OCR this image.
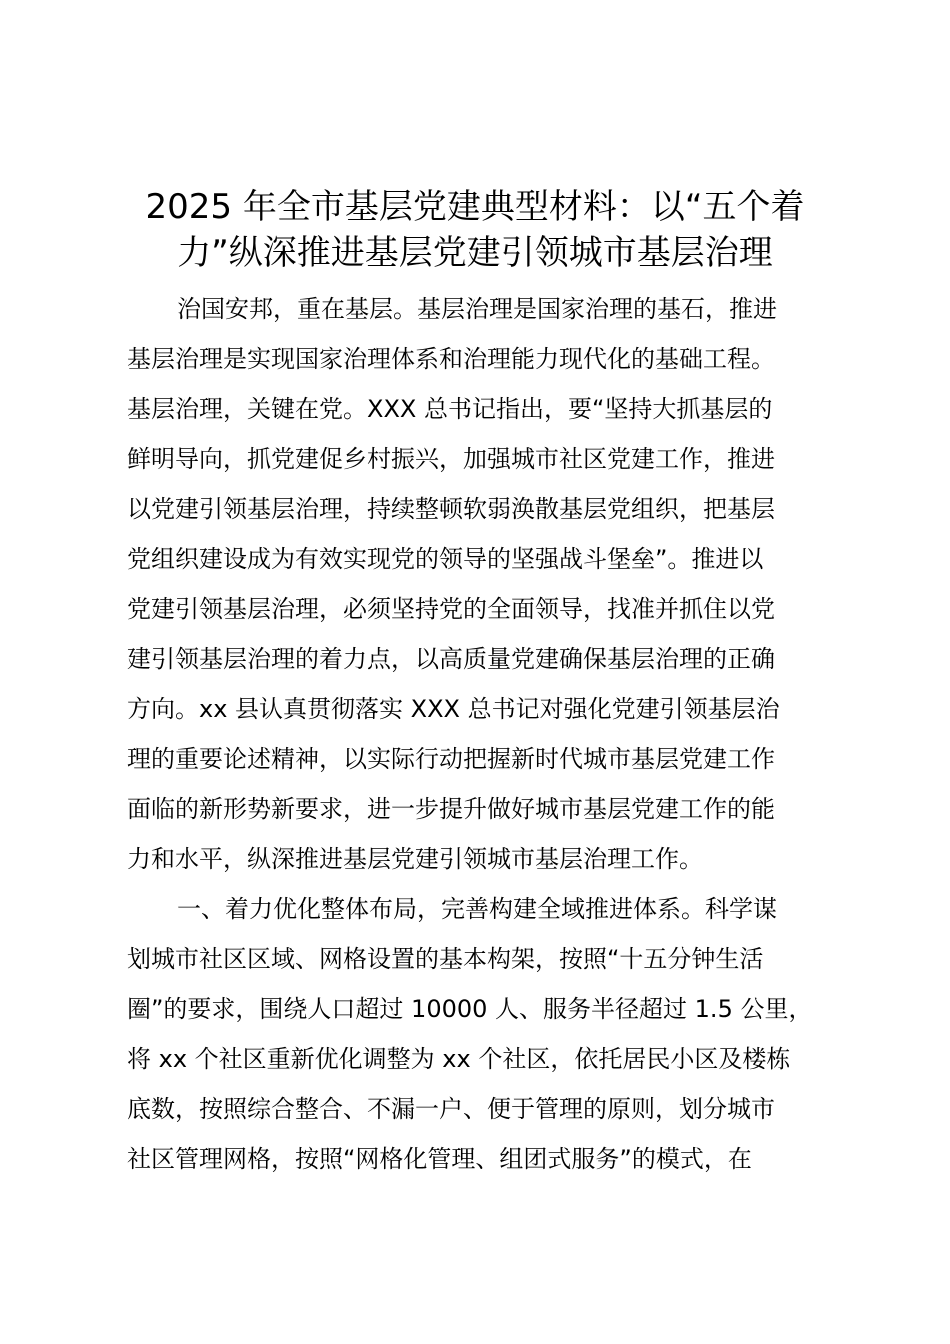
2025 年全市基层党建典型材料：以“五个着
力”纵深推进基层党建引领城市基层治理
治国安邦，重在基层。基层治理是国家治理的基石，推进
基层治理是实现国家治理体系和治理能力现代化的基础工程。
基层治理，关键在党。XXX 总书记指出，要“坚持大抓基层的
鲜明导向，抓党建促乡村振兴，加强城市社区党建工作，推进
以党建引领基层治理，持续整顿软弱涣散基层党组织，把基层
党组织建设成为有效实现党的领导的坚强战斗堡垒”。推进以
党建引领基层治理，必须坚持党的全面领导，找准并抓住以党
建引领基层治理的着力点，以高质量党建确保基层治理的正确
方向。xx 县认真贯彻落实 XXX 总书记对强化党建引领基层治
理的重要论述精神，以实际行动把握新时代城市基层党建工作
面临的新形势新要求，进一步提升做好城市基层党建工作的能
力和水平，纵深推进基层党建引领城市基层治理工作。
一、着力优化整体布局，完善构建全域推进体系。科学谋
划城市社区区域、网格设置的基本构架，按照“十五分钟生活
圈”的要求，围绕人口超过 10000 人、服务半径超过 1.5 公里，
将 xx 个社区重新优化调整为 xx 个社区，依托居民小区及楼栋
底数，按照综合整合、不漏一户、便于管理的原则，划分城市
社区管理网格，按照“网格化管理、组团式服务”的模式，在
